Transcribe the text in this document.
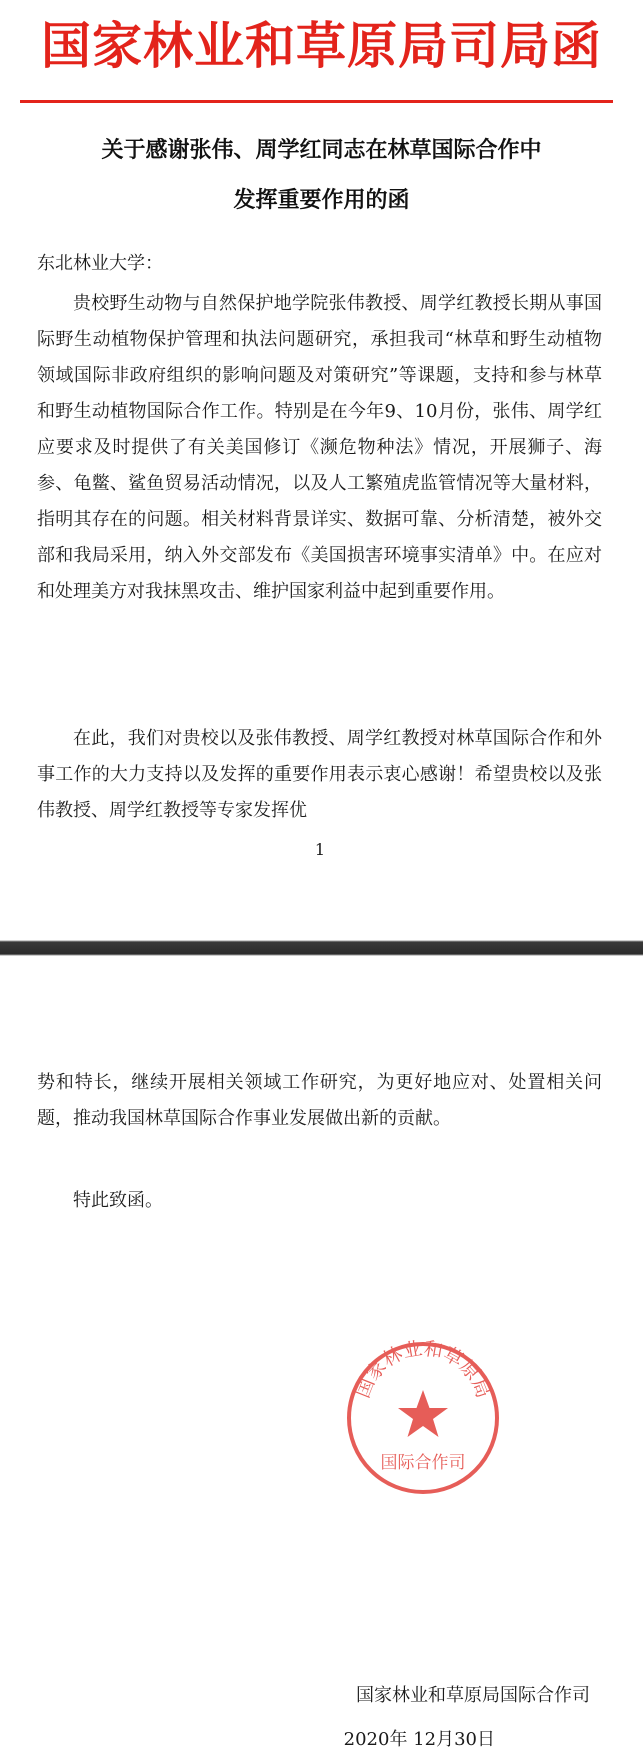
国家林业和草原局司局函
关于感谢张伟、周学红同志在林草国际合作中
发挥重要作用的函
东北林业大学：
贵校野生动物与自然保护地学院张伟教授、周学红教授长期从事国际野生动植物保护管理和执法问题研究，承担我司“林草和野生动植物领域国际非政府组织的影响问题及对策研究”等课题，支持和参与林草和野生动植物国际合作工作。特别是在今年9、10月份，张伟、周学红应要求及时提供了有关美国修订《濒危物种法》情况，开展狮子、海参、龟鳖、鲨鱼贸易活动情况，以及人工繁殖虎监管情况等大量材料，指明其存在的问题。相关材料背景详实、数据可靠、分析清楚，被外交部和我局采用，纳入外交部发布《美国损害环境事实清单》中。在应对和处理美方对我抹黑攻击、维护国家利益中起到重要作用。
在此，我们对贵校以及张伟教授、周学红教授对林草国际合作和外事工作的大力支持以及发挥的重要作用表示衷心感谢！希望贵校以及张伟教授、周学红教授等专家发挥优
1
势和特长，继续开展相关领域工作研究，为更好地应对、处置相关问题，推动我国林草国际合作事业发展做出新的贡献。
特此致函。
国家林业和草原局国际合作司
2020年 12月30日
国家林业和草原局
国际合作司
